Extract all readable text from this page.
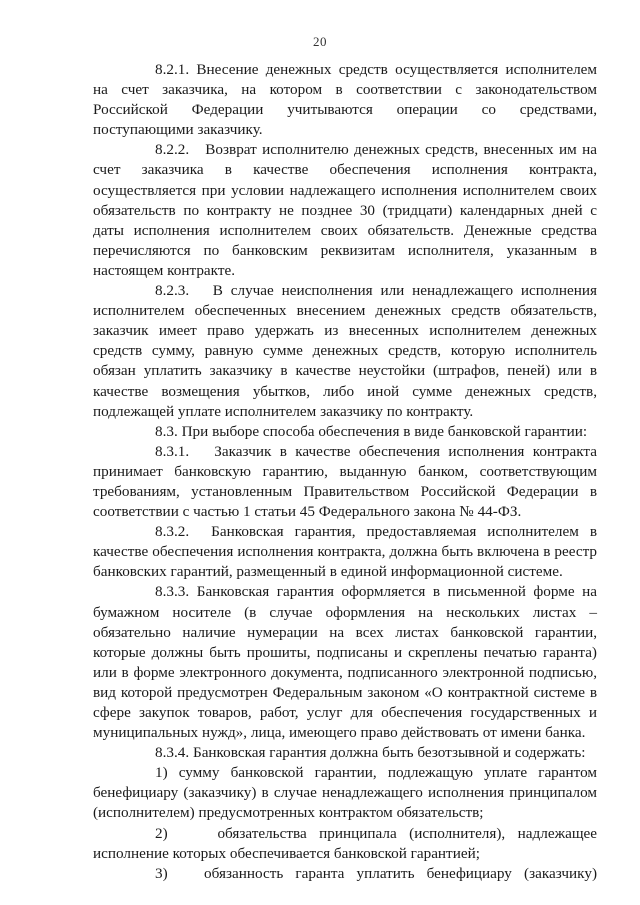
20

8.2.1. Внесение денежных средств осуществляется исполнителем на счет заказчика, на котором в соответствии с законодательством Российской Федерации учитываются операции со средствами, поступающими заказчику.

8.2.2.   Возврат исполнителю денежных средств, внесенных им на счет заказчика в качестве обеспечения исполнения контракта, осуществляется при условии надлежащего исполнения исполнителем своих обязательств по контракту не позднее 30 (тридцати) календарных дней с даты исполнения исполнителем своих обязательств. Денежные средства перечисляются по банковским реквизитам исполнителя, указанным в настоящем контракте.

8.2.3.   В случае неисполнения или ненадлежащего исполнения исполнителем обеспеченных внесением денежных средств обязательств, заказчик имеет право удержать из внесенных исполнителем денежных средств сумму, равную сумме денежных средств, которую исполнитель обязан уплатить заказчику в качестве неустойки (штрафов, пеней) или в качестве возмещения убытков, либо иной сумме денежных средств, подлежащей уплате исполнителем заказчику по контракту.

8.3. При выборе способа обеспечения в виде банковской гарантии:

8.3.1.   Заказчик в качестве обеспечения исполнения контракта принимает банковскую гарантию, выданную банком, соответствующим требованиям, установленным Правительством Российской Федерации в соответствии с частью 1 статьи 45 Федерального закона № 44-ФЗ.

8.3.2.  Банковская гарантия, предоставляемая исполнителем в качестве обеспечения исполнения контракта, должна быть включена в реестр банковских гарантий, размещенный в единой информационной системе.

8.3.3. Банковская гарантия оформляется в письменной форме на бумажном носителе (в случае оформления на нескольких листах – обязательно наличие нумерации на всех листах банковской гарантии, которые должны быть прошиты, подписаны и скреплены печатью гаранта) или в форме электронного документа, подписанного электронной подписью, вид которой предусмотрен Федеральным законом «О контрактной системе в сфере закупок товаров, работ, услуг для обеспечения государственных и муниципальных нужд», лица, имеющего право действовать от имени банка.

8.3.4. Банковская гарантия должна быть безотзывной и содержать:

1) сумму банковской гарантии, подлежащую уплате гарантом бенефициару (заказчику) в случае ненадлежащего исполнения принципалом (исполнителем) предусмотренных контрактом обязательств;

2)    обязательства принципала (исполнителя), надлежащее исполнение которых обеспечивается банковской гарантией;

3)   обязанность гаранта уплатить бенефициару (заказчику)
